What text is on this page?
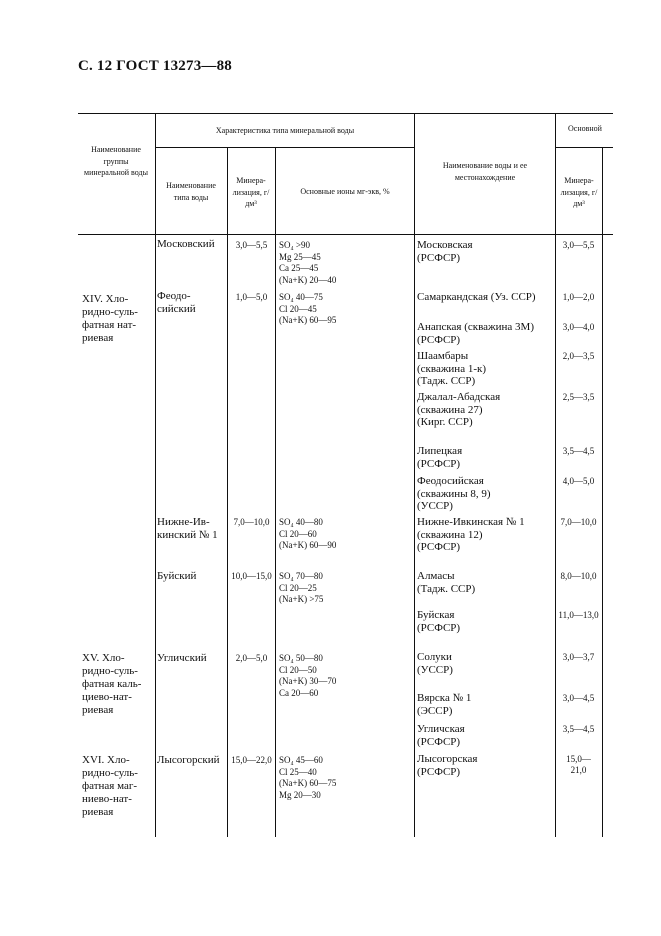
С. 12 ГОСТ 13273—88
Наименование группы минеральной воды
Характеристика типа минеральной воды
Наименование типа воды
Минера-лизация, г/дм³
Основные ионы мг-экв, %
Наименование воды и ее местонахождение
Основной
Минера-лизация, г/дм³
XIV. Хло-ридно-суль-фатная нат-риевая
XV. Хло-ридно-суль-фатная каль-циево-нат-риевая
XVI. Хло-ридно-суль-фатная маг-ниево-нат-риевая
Московский
Феодо-сийский
Нижне-Ив-кинский № 1
Буйский
Угличский
Лысогорский
3,0—5,5
1,0—5,0
7,0—10,0
10,0—15,0
2,0—5,0
15,0—22,0
SO₄ >90
Mg 25—45
Ca 25—45
(Na+K) 20—40
SO₄ 40—75
Cl 20—45
(Na+K) 60—95
SO₄ 40—80
Cl 20—60
(Na+K) 60—90
SO₄ 70—80
Cl 20—25
(Na+K) >75
SO₄ 50—80
Cl 20—50
(Na+K) 30—70
Ca 20—60
SO₄ 45—60
Cl 25—40
(Na+K) 60—75
Mg 20—30
Московская
(РСФСР)
3,0—5,5
Самаркандская (Уз. ССР)	1,0—2,0
Анапская (скважина 3М)
(РСФСР)
3,0—4,0
Шаамбары
(скважина 1-к)
(Тадж. ССР)
2,0—3,5
Джалал-Абадская
(скважина 27)
(Кирг. ССР)
2,5—3,5
Липецкая
(РСФСР)
3,5—4,5
Феодосийская
(скважины 8, 9)
(УССР)
4,0—5,0
Нижне-Ивкинская № 1
(скважина 12)
(РСФСР)
7,0—10,0
Алмасы
(Тадж. ССР)
8,0—10,0
Буйская
(РСФСР)
11,0—13,0
Солуки
(УССР)
3,0—3,7
Вярска № 1
(ЭССР)
3,0—4,5
Угличская
(РСФСР)
3,5—4,5
Лысогорская
(РСФСР)
15,0—
21,0
